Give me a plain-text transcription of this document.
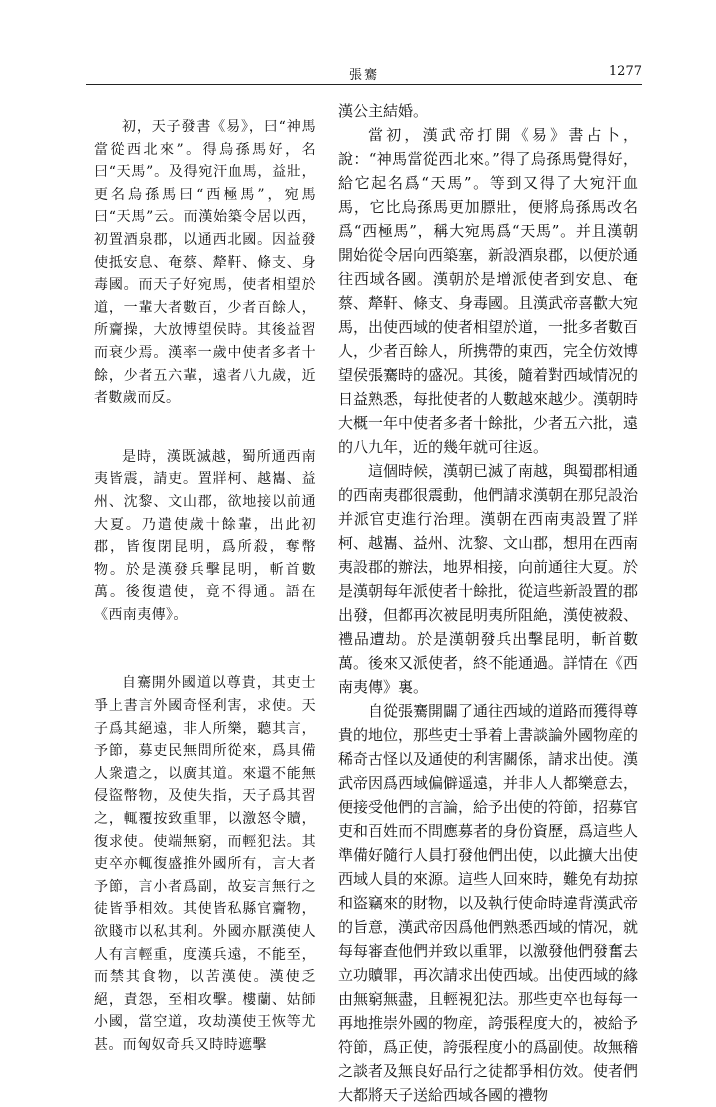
張騫	1277

初，天子發書《易》，曰“神馬當從西北來”。得烏孫馬好，名曰“天馬”。及得宛汗血馬，益壯，更名烏孫馬曰“西極馬”，宛馬曰“天馬”云。而漢始築令居以西，初置酒泉郡，以通西北國。因益發使抵安息、奄蔡、犛靬、條支、身毒國。而天子好宛馬，使者相望於道，一輩大者數百，少者百餘人，所齎操，大放博望侯時。其後益習而衰少焉。漢率一歲中使者多者十餘，少者五六輩，遠者八九歲，近者數歲而反。

是時，漢既滅越，蜀所通西南夷皆震，請吏。置牂柯、越巂、益州、沈黎、文山郡，欲地接以前通大夏。乃遣使歲十餘輩，出此初郡，皆復閉昆明，爲所殺，奪幣物。於是漢發兵擊昆明，斬首數萬。後復遣使，竟不得通。語在《西南夷傳》。

自騫開外國道以尊貴，其吏士爭上書言外國奇怪利害，求使。天子爲其絕遠，非人所樂，聽其言，予節，募吏民無問所從來，爲具備人衆遣之，以廣其道。來還不能無侵盜幣物，及使失指，天子爲其習之，輒覆按致重罪，以激怒令贖，復求使。使端無窮，而輕犯法。其吏卒亦輒復盛推外國所有，言大者予節，言小者爲副，故妄言無行之徒皆爭相效。其使皆私縣官齎物，欲賤市以私其利。外國亦厭漢使人人有言輕重，度漢兵遠，不能至，而禁其食物，以苦漢使。漢使乏絕，責怨，至相攻擊。樓蘭、姑師小國，當空道，攻劫漢使王恢等尤甚。而匈奴奇兵又時時遮擊

漢公主結婚。

當初，漢武帝打開《易》書占卜，說：“神馬當從西北來。”得了烏孫馬覺得好，給它起名爲“天馬”。等到又得了大宛汗血馬，它比烏孫馬更加膘壯，便將烏孫馬改名爲“西極馬”，稱大宛馬爲“天馬”。并且漢朝開始從令居向西築塞，新設酒泉郡，以便於通往西域各國。漢朝於是增派使者到安息、奄蔡、犛靬、條支、身毒國。且漢武帝喜歡大宛馬，出使西域的使者相望於道，一批多者數百人，少者百餘人，所携帶的東西，完全仿效博望侯張騫時的盛况。其後，隨着對西域情况的日益熟悉，每批使者的人數越來越少。漢朝時大概一年中使者多者十餘批，少者五六批，遠的八九年，近的幾年就可往返。

這個時候，漢朝已滅了南越，與蜀郡相通的西南夷郡很震動，他們請求漢朝在那兒設治并派官吏進行治理。漢朝在西南夷設置了牂柯、越巂、益州、沈黎、文山郡，想用在西南夷設郡的辦法，地界相接，向前通往大夏。於是漢朝每年派使者十餘批，從這些新設置的郡出發，但都再次被昆明夷所阻絶，漢使被殺、禮品遭劫。於是漢朝發兵出擊昆明，斬首數萬。後來又派使者，終不能通過。詳情在《西南夷傳》裏。

自從張騫開闢了通往西域的道路而獲得尊貴的地位，那些吏士爭着上書談論外國物産的稀奇古怪以及通使的利害關係，請求出使。漢武帝因爲西域偏僻遥遠，并非人人都樂意去，便接受他們的言論，給予出使的符節，招募官吏和百姓而不問應募者的身份資歷，爲這些人準備好隨行人員打發他們出使，以此擴大出使西域人員的來源。這些人回來時，難免有劫掠和盜竊來的財物，以及執行使命時違背漢武帝的旨意，漢武帝因爲他們熟悉西域的情况，就每每審查他們并致以重罪，以激發他們發奮去立功贖罪，再次請求出使西域。出使西域的緣由無窮無盡，且輕視犯法。那些吏卒也每每一再地推崇外國的物産，誇張程度大的，被給予符節，爲正使，誇張程度小的爲副使。故無稽之談者及無良好品行之徒都爭相仿效。使者們大都將天子送給西域各國的禮物
